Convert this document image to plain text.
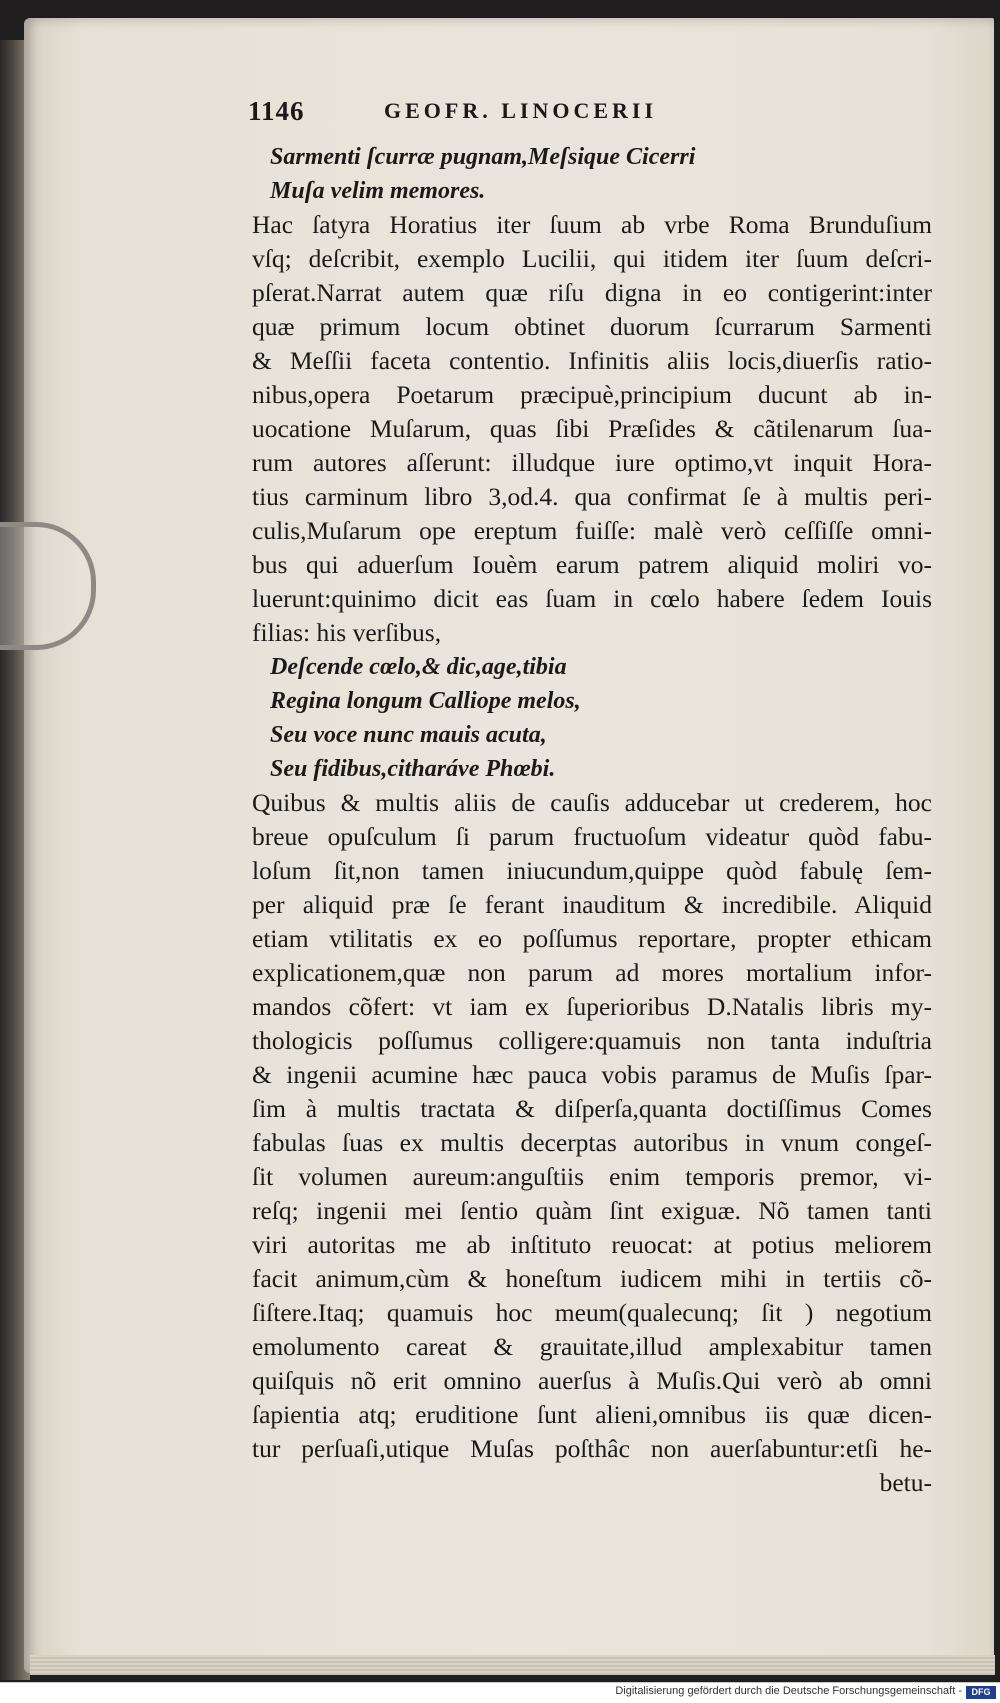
1146	GEOFR. LINOCERII
Sarmenti ſcurræ pugnam,Meſsique Cicerri
Muſa velim memores.
Hac ſatyra Horatius iter ſuum ab vrbe Roma Brunduſium
vſq; deſcribit, exemplo Lucilii, qui itidem iter ſuum deſcri-
pſerat.Narrat autem quæ riſu digna in eo contigerint:inter
quæ primum locum obtinet duorum ſcurrarum Sarmenti
& Meſſii faceta contentio. Infinitis aliis locis,diuerſis ratio-
nibus,opera Poetarum præcipuè,principium ducunt ab in-
uocatione Muſarum, quas ſibi Præſides & cãtilenarum ſua-
rum autores aſſerunt: illudque iure optimo,vt inquit Hora-
tius carminum libro 3,od.4. qua confirmat ſe à multis peri-
culis,Muſarum ope ereptum fuiſſe: malè verò ceſſiſſe omni-
bus qui aduerſum Iouèm earum patrem aliquid moliri vo-
luerunt:quinimo dicit eas ſuam in cœlo habere ſedem Iouis
filias: his verſibus,
Deſcende cœlo,& dic,age,tibia
Regina longum Calliope melos,
Seu voce nunc mauis acuta,
Seu fidibus,citharáve Phœbi.
Quibus & multis aliis de cauſis adducebar ut crederem, hoc
breue opuſculum ſi parum fructuoſum videatur quòd fabu-
loſum ſit,non tamen iniucundum,quippe quòd fabulę ſem-
per aliquid præ ſe ferant inauditum & incredibile. Aliquid
etiam vtilitatis ex eo poſſumus reportare, propter ethicam
explicationem,quæ non parum ad mores mortalium infor-
mandos cõfert: vt iam ex ſuperioribus D.Natalis libris my-
thologicis poſſumus colligere:quamuis non tanta induſtria
& ingenii acumine hæc pauca vobis paramus de Muſis ſpar-
ſim à multis tractata & diſperſa,quanta doctiſſimus Comes
fabulas ſuas ex multis decerptas autoribus in vnum congeſ-
ſit volumen aureum:anguſtiis enim temporis premor, vi-
reſq; ingenii mei ſentio quàm ſint exiguæ. Nõ tamen tanti
viri autoritas me ab inſtituto reuocat: at potius meliorem
facit animum,cùm & honeſtum iudicem mihi in tertiis cõ-
ſiſtere.Itaq; quamuis hoc meum(qualecunq; ſit ) negotium
emolumento careat & grauitate,illud amplexabitur tamen
quiſquis nõ erit omnino auerſus à Muſis.Qui verò ab omni
ſapientia atq; eruditione ſunt alieni,omnibus iis quæ dicen-
tur perſuaſi,utique Muſas poſthâc non auerſabuntur:etſi he-
betu-
Digitalisierung gefördert durch die Deutsche Forschungsgemeinschaft -	DFG
